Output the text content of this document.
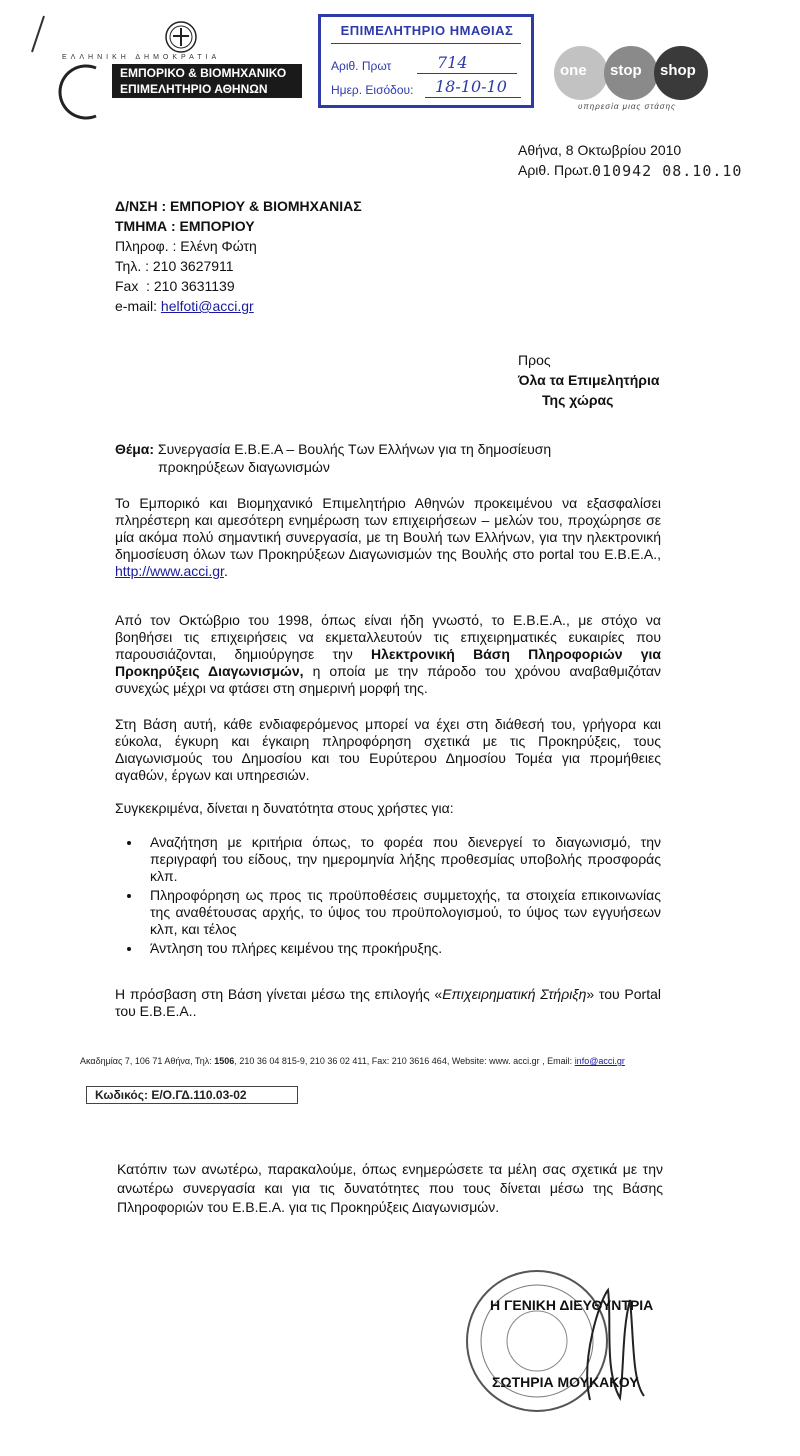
ΕΛΛΗΝΙΚΗ ΔΗΜΟΚΡΑΤΙΑ
ΕΜΠΟΡΙΚΟ & ΒΙΟΜΗΧΑΝΙΚΟ
ΕΠΙΜΕΛΗΤΗΡΙΟ ΑΘΗΝΩΝ
ΕΠΙΜΕΛΗΤΗΡΙΟ ΗΜΑΘΙΑΣ
Αριθ. Πρωτ	714
Ημερ. Εισόδου: 18-10-10
one stop shop
υπηρεσία μιας στάσης
Αθήνα, 8 Οκτωβρίου 2010
Αριθ. Πρωτ. 010942 08.10.10
Δ/ΝΣΗ : ΕΜΠΟΡΙΟΥ & ΒΙΟΜΗΧΑΝΙΑΣ
ΤΜΗΜΑ : ΕΜΠΟΡΙΟΥ
Πληροφ. : Ελένη Φώτη
Τηλ. : 210 3627911
Fax  : 210 3631139
e-mail: helfoti@acci.gr
Προς
Όλα τα Επιμελητήρια
Της χώρας
Θέμα: Συνεργασία Ε.Β.Ε.Α – Βουλής Των Ελλήνων για τη δημοσίευση
προκηρύξεων διαγωνισμών
Το Εμπορικό και Βιομηχανικό Επιμελητήριο Αθηνών προκειμένου να εξασφαλίσει πληρέστερη και αμεσότερη ενημέρωση των επιχειρήσεων – μελών του, προχώρησε σε μία ακόμα πολύ σημαντική συνεργασία, με τη Βουλή των Ελλήνων, για την ηλεκτρονική δημοσίευση όλων των Προκηρύξεων Διαγωνισμών της Βουλής στο portal του Ε.Β.Ε.Α., http://www.acci.gr.
Από τον Οκτώβριο του 1998, όπως είναι ήδη γνωστό, το Ε.Β.Ε.Α., με στόχο να βοηθήσει τις επιχειρήσεις να εκμεταλλευτούν τις επιχειρηματικές ευκαιρίες που παρουσιάζονται, δημιούργησε την Ηλεκτρονική Βάση Πληροφοριών για Προκηρύξεις Διαγωνισμών, η οποία με την πάροδο του χρόνου αναβαθμιζόταν συνεχώς μέχρι να φτάσει στη σημερινή μορφή της.
Στη Βάση αυτή, κάθε ενδιαφερόμενος μπορεί να έχει στη διάθεσή του, γρήγορα και εύκολα, έγκυρη και έγκαιρη πληροφόρηση σχετικά με τις Προκηρύξεις, τους Διαγωνισμούς του Δημοσίου και του Ευρύτερου Δημοσίου Τομέα για προμήθειες αγαθών, έργων και υπηρεσιών.
Συγκεκριμένα, δίνεται η δυνατότητα στους χρήστες για:
• Αναζήτηση με κριτήρια όπως, το φορέα που διενεργεί το διαγωνισμό, την περιγραφή του είδους, την ημερομηνία λήξης προθεσμίας υποβολής προσφοράς κλπ.
• Πληροφόρηση ως προς τις προϋποθέσεις συμμετοχής, τα στοιχεία επικοινωνίας της αναθέτουσας αρχής, το ύψος του προϋπολογισμού, το ύψος των εγγυήσεων κλπ, και τέλος
• Άντληση του πλήρες κειμένου της προκήρυξης.
Η πρόσβαση στη Βάση γίνεται μέσω της επιλογής «Επιχειρηματική Στήριξη» του Portal του Ε.Β.Ε.Α..
Ακαδημίας 7, 106 71 Αθήνα, Τηλ: 1506, 210 36 04 815-9, 210 36 02 411, Fax: 210 3616 464, Website: www. acci.gr , Email: info@acci.gr
Κωδικός: Ε/Ο.ΓΔ.110.03-02
Κατόπιν των ανωτέρω, παρακαλούμε, όπως ενημερώσετε τα μέλη σας σχετικά με την ανωτέρω συνεργασία και για τις δυνατότητες που τους δίνεται μέσω της Βάσης Πληροφοριών του Ε.Β.Ε.Α. για τις Προκηρύξεις Διαγωνισμών.
Η ΓΕΝΙΚΗ ΔΙΕΥΘΥΝΤΡΙΑ
ΣΩΤΗΡΙΑ ΜΟΥΚΑΚΟΥ
